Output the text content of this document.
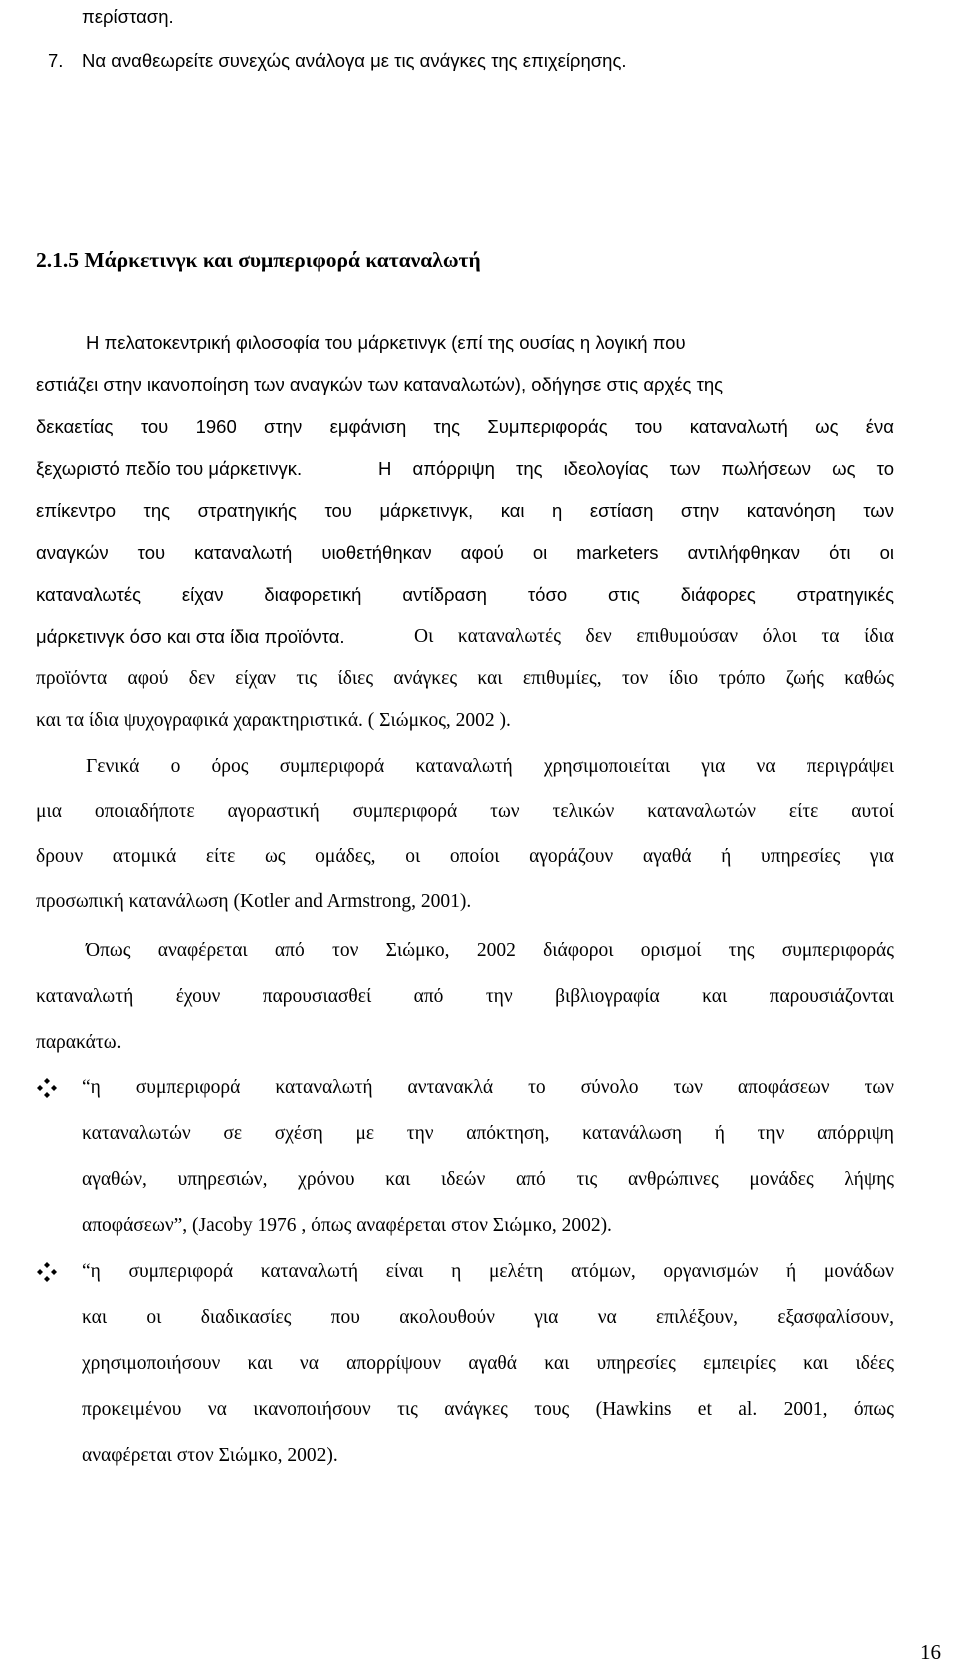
περίσταση.
7. Να αναθεωρείτε συνεχώς ανάλογα με τις ανάγκες της επιχείρησης.
2.1.5 Μάρκετινγκ και συμπεριφορά καταναλωτή
Η πελατοκεντρική φιλοσοφία του μάρκετινγκ (επί της ουσίας η λογική που
εστιάζει στην ικανοποίηση των αναγκών των καταναλωτών), οδήγησε στις αρχές της
δεκαετίας του 1960 στην εμφάνιση της Συμπεριφοράς του καταναλωτή ως ένα
ξεχωριστό πεδίο του μάρκετινγκ.	Η απόρριψη της ιδεολογίας των πωλήσεων ως το
επίκεντρο της στρατηγικής του μάρκετινγκ, και η εστίαση στην κατανόηση των
αναγκών του καταναλωτή υιοθετήθηκαν αφού οι marketers αντιλήφθηκαν ότι οι
καταναλωτές είχαν διαφορετική αντίδραση τόσο στις διάφορες στρατηγικές
μάρκετινγκ όσο και στα ίδια προϊόντα.	Οι καταναλωτές δεν επιθυμούσαν όλοι τα ίδια
προϊόντα αφού δεν είχαν τις ίδιες ανάγκες και επιθυμίες, τον ίδιο τρόπο ζωής καθώς
και τα ίδια ψυχογραφικά χαρακτηριστικά. ( Σιώμκος, 2002 ).
Γενικά ο όρος συμπεριφορά καταναλωτή χρησιμοποιείται για να περιγράψει
μια οποιαδήποτε αγοραστική συμπεριφορά των τελικών καταναλωτών είτε αυτοί
δρουν ατομικά είτε ως ομάδες, οι οποίοι αγοράζουν αγαθά ή υπηρεσίες για
προσωπική κατανάλωση (Kotler and Armstrong, 2001).
Όπως αναφέρεται από τον Σιώμκο, 2002 διάφοροι ορισμοί της συμπεριφοράς
καταναλωτή έχουν παρουσιασθεί από την βιβλιογραφία και παρουσιάζονται
παρακάτω.
“η συμπεριφορά καταναλωτή αντανακλά το σύνολο των αποφάσεων των
καταναλωτών σε σχέση με την απόκτηση, κατανάλωση ή την απόρριψη
αγαθών, υπηρεσιών, χρόνου και ιδεών από τις ανθρώπινες μονάδες λήψης
αποφάσεων”, (Jacoby 1976 , όπως αναφέρεται στον Σιώμκο, 2002).
“η συμπεριφορά καταναλωτή είναι η μελέτη ατόμων, οργανισμών ή μονάδων
και οι διαδικασίες που ακολουθούν για να επιλέξουν, εξασφαλίσουν,
χρησιμοποιήσουν και να απορρίψουν αγαθά και υπηρεσίες εμπειρίες και ιδέες
προκειμένου να ικανοποιήσουν τις ανάγκες τους (Hawkins et al. 2001, όπως
αναφέρεται στον Σιώμκο, 2002).
16
